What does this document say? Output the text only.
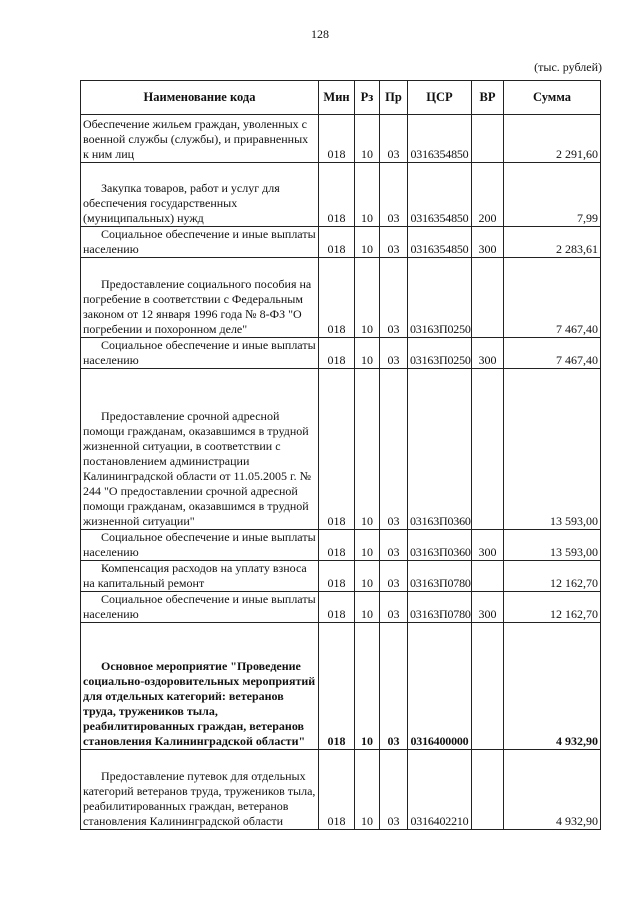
128
(тыс. рублей)
Наименование кода	Мин	Рз	Пр	ЦСР	ВР	Сумма
Обеспечение жильем граждан, уволенных с военной службы (службы), и приравненных к ним лиц	018	10	03	0316354850		2 291,60
Закупка товаров, работ и услуг для обеспечения государственных (муниципальных) нужд	018	10	03	0316354850	200	7,99
Социальное обеспечение и иные выплаты населению	018	10	03	0316354850	300	2 283,61
Предоставление социального пособия на погребение в соответствии с Федеральным законом от 12 января 1996 года № 8-ФЗ "О погребении и похоронном деле"	018	10	03	03163П0250		7 467,40
Социальное обеспечение и иные выплаты населению	018	10	03	03163П0250	300	7 467,40
Предоставление срочной адресной помощи гражданам, оказавшимся в трудной жизненной ситуации, в соответствии с постановлением администрации Калининградской области от 11.05.2005 г. № 244 "О предоставлении срочной адресной помощи гражданам, оказавшимся в трудной жизненной ситуации"	018	10	03	03163П0360		13 593,00
Социальное обеспечение и иные выплаты населению	018	10	03	03163П0360	300	13 593,00
Компенсация расходов на уплату взноса на капитальный ремонт	018	10	03	03163П0780		12 162,70
Социальное обеспечение и иные выплаты населению	018	10	03	03163П0780	300	12 162,70
Основное мероприятие "Проведение социально-оздоровительных мероприятий для отдельных категорий: ветеранов труда, тружеников тыла, реабилитированных граждан, ветеранов становления Калининградской области"	018	10	03	0316400000		4 932,90
Предоставление путевок для отдельных категорий ветеранов труда, тружеников тыла, реабилитированных граждан, ветеранов становления Калининградской области	018	10	03	0316402210		4 932,90
